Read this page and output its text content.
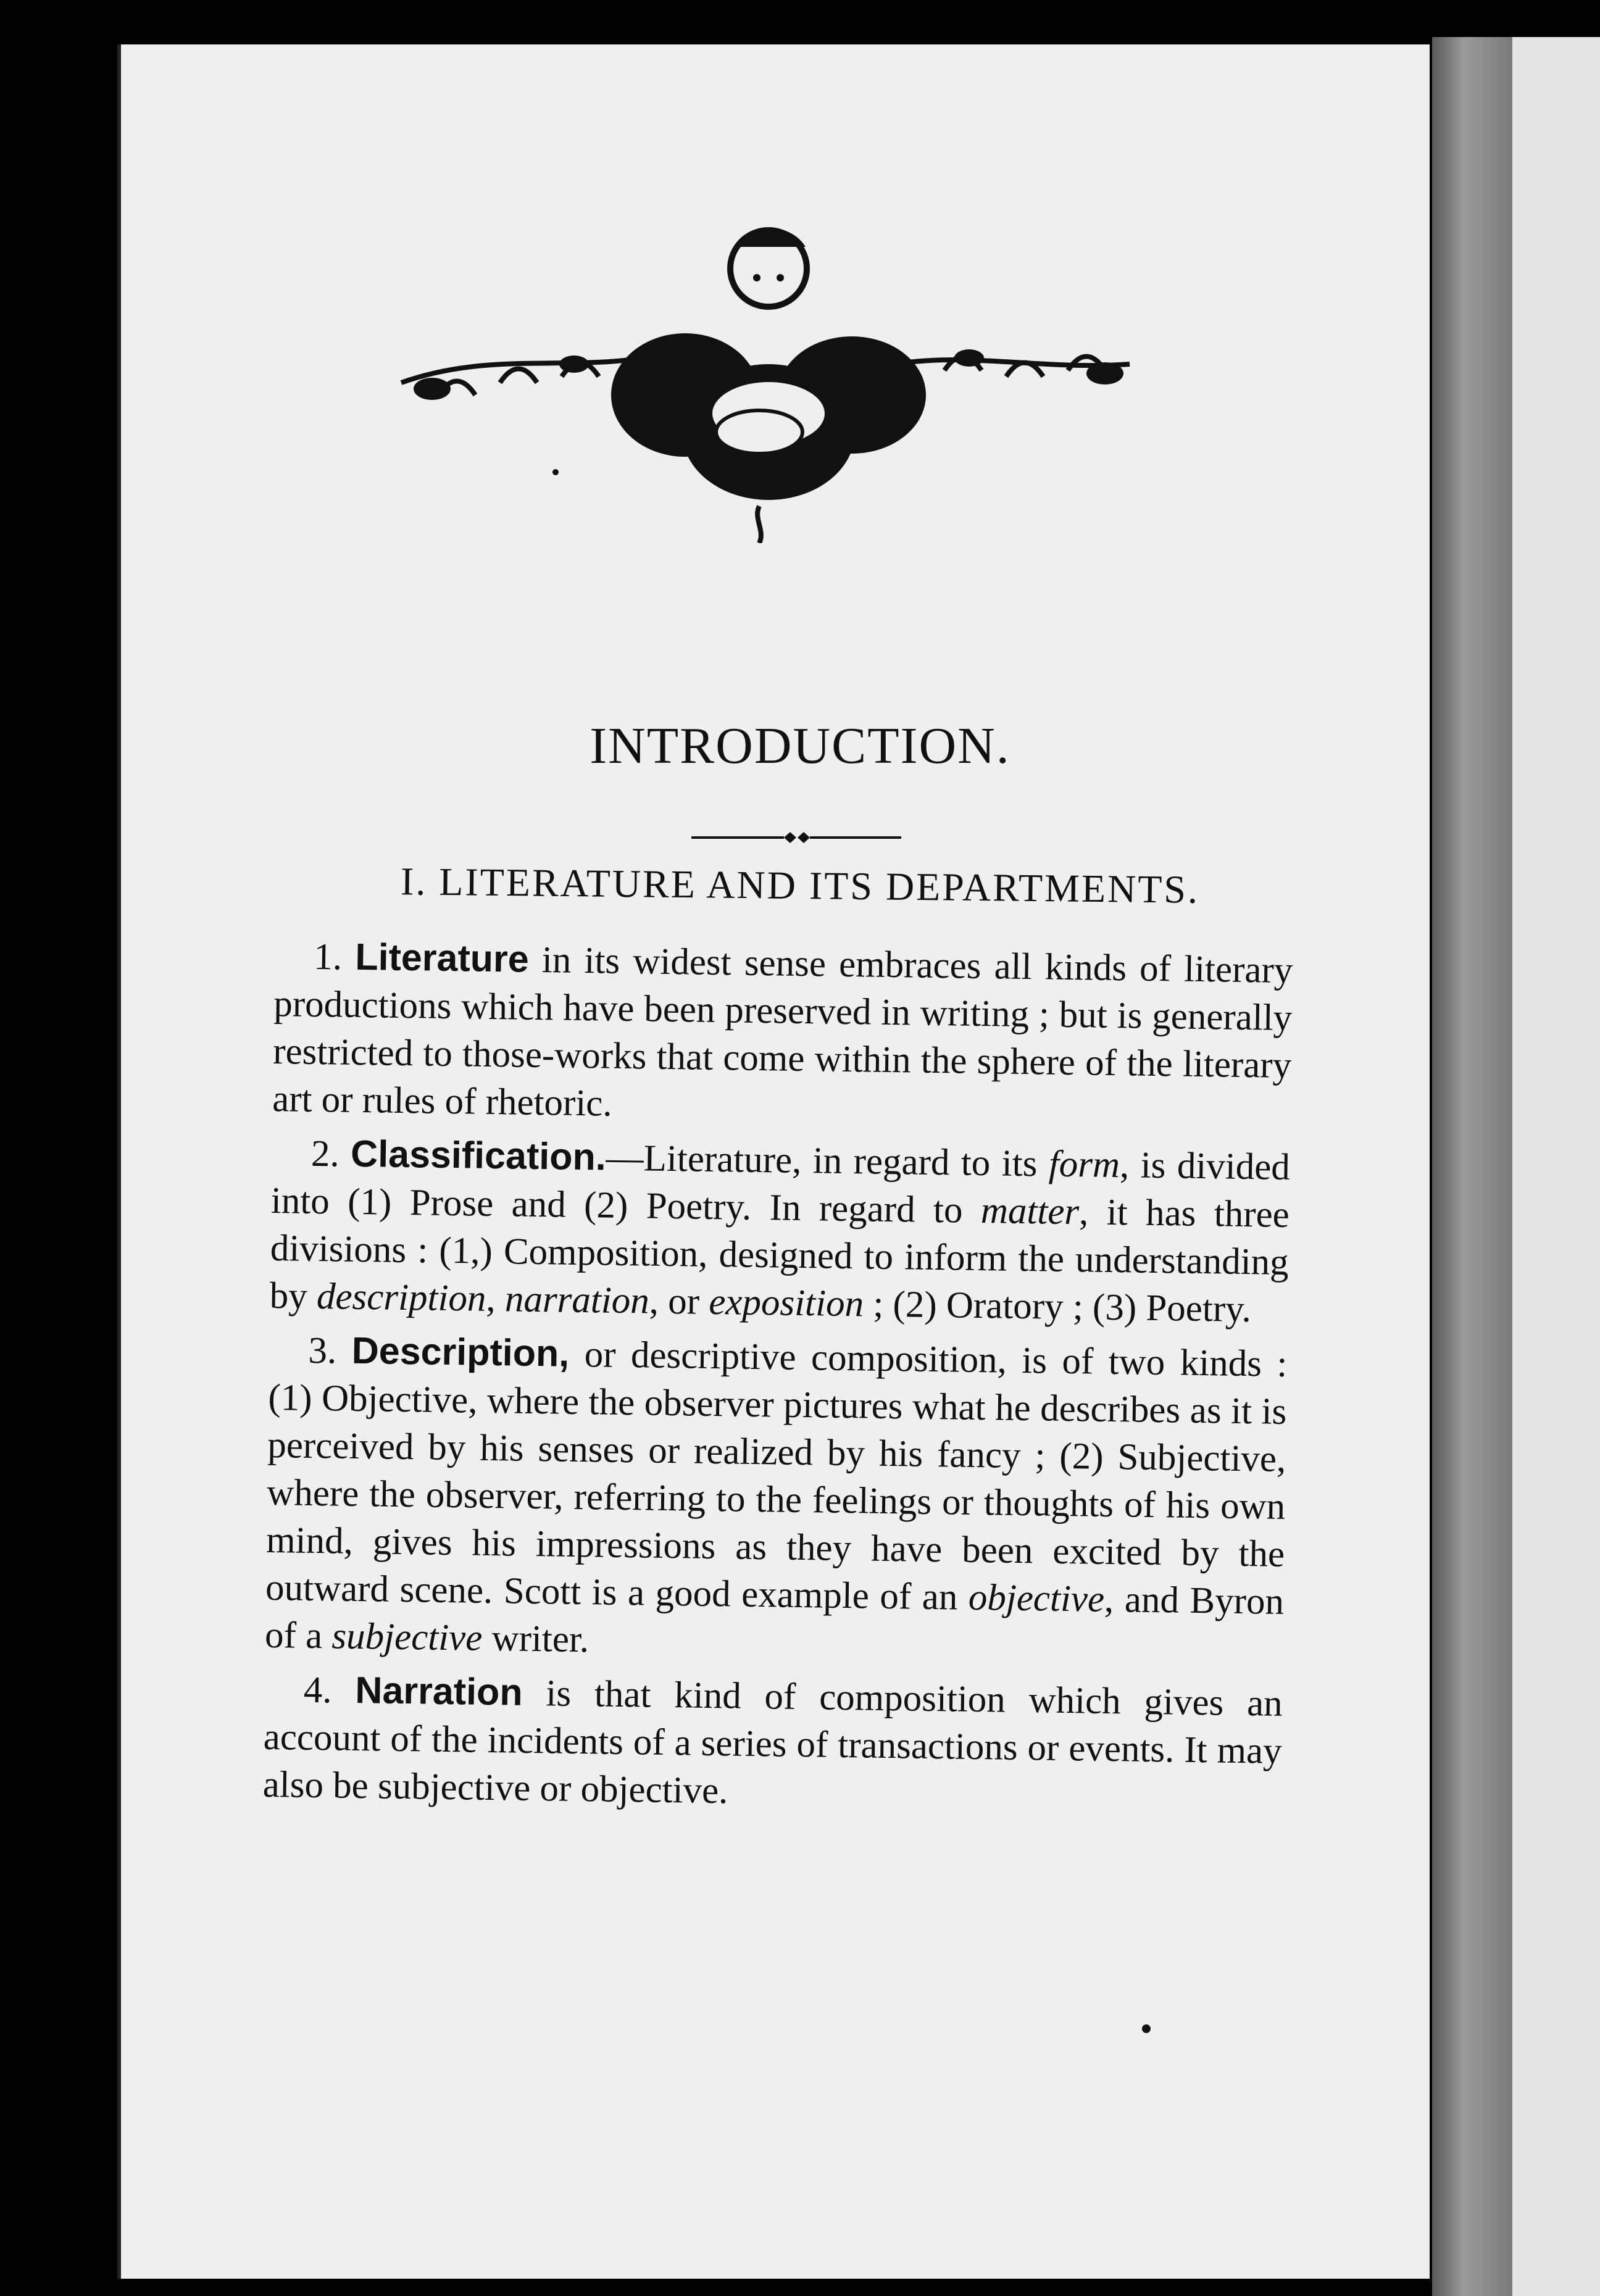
INTRODUCTION.
I. LITERATURE AND ITS DEPARTMENTS.

1. Literature in its widest sense embraces all kinds of literary productions which have been preserved in writing ; but is generally restricted to those-works that come within the sphere of the literary art or rules of rhetoric.

2. Classification.—Literature, in regard to its form, is divided into (1) Prose and (2) Poetry. In regard to matter, it has three divisions : (1,) Composition, designed to inform the understanding by description, narration, or exposition ; (2) Oratory ; (3) Poetry.

3. Description, or descriptive composition, is of two kinds : (1) Objective, where the observer pictures what he describes as it is perceived by his senses or realized by his fancy ; (2) Subjective, where the observer, referring to the feelings or thoughts of his own mind, gives his impressions as they have been excited by the outward scene. Scott is a good example of an objective, and Byron of a subjective writer.

4. Narration is that kind of composition which gives an account of the incidents of a series of transactions or events. It may also be subjective or objective.
